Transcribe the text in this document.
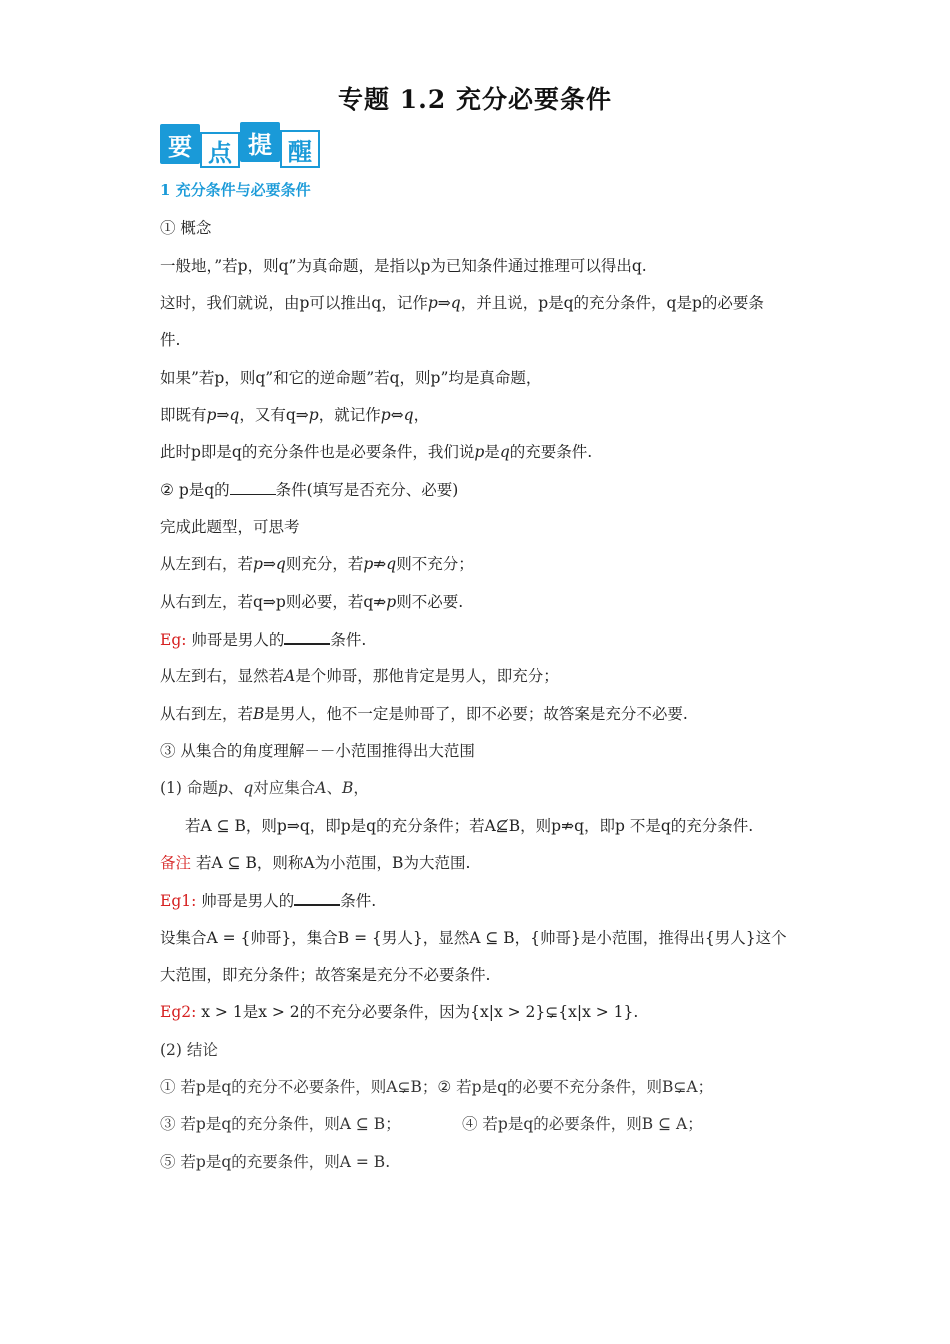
专题 1.2 充分必要条件
要 点 提 醒
1 充分条件与必要条件
① 概念
一般地，”若p，则q”为真命题，是指以p为已知条件通过推理可以得出q.
这时，我们就说，由p可以推出q，记作p⇒q，并且说，p是q的充分条件，q是p的必要条
件.
如果”若p，则q”和它的逆命题”若q，则p”均是真命题，
即既有p⇒q，又有q⇒p，就记作p⇔q，
此时p即是q的充分条件也是必要条件，我们说p是q的充要条件.
② p是q的	条件(填写是否充分、必要)
完成此题型，可思考
从左到右，若p⇒q则充分，若p⇏q则不充分；
从右到左，若q⇒p则必要，若q⇏p则不必要.
Eg: 帅哥是男人的	条件.
从左到右，显然若A是个帅哥，那他肯定是男人，即充分；
从右到左，若B是男人，他不一定是帅哥了，即不必要；故答案是充分不必要.
③ 从集合的角度理解－－小范围推得出大范围
(1) 命题p、q对应集合A、B，
若A ⊆ B，则p⇒q，即p是q的充分条件；若A⊈B，则p⇏q，即p 不是q的充分条件.
备注 若A ⊆ B，则称A为小范围，B为大范围.
Eg1: 帅哥是男人的	条件.
设集合A = {帅哥}，集合B = {男人}，显然A ⊆ B，{帅哥}是小范围，推得出{男人}这个
大范围，即充分条件；故答案是充分不必要条件.
Eg2: x > 1是x > 2的不充分必要条件，因为{x|x > 2}⊊{x|x > 1}.
(2) 结论
① 若p是q的充分不必要条件，则A⊊B；② 若p是q的必要不充分条件，则B⊊A；
③ 若p是q的充分条件，则A ⊆ B；	④ 若p是q的必要条件，则B ⊆ A；
⑤ 若p是q的充要条件，则A = B.
